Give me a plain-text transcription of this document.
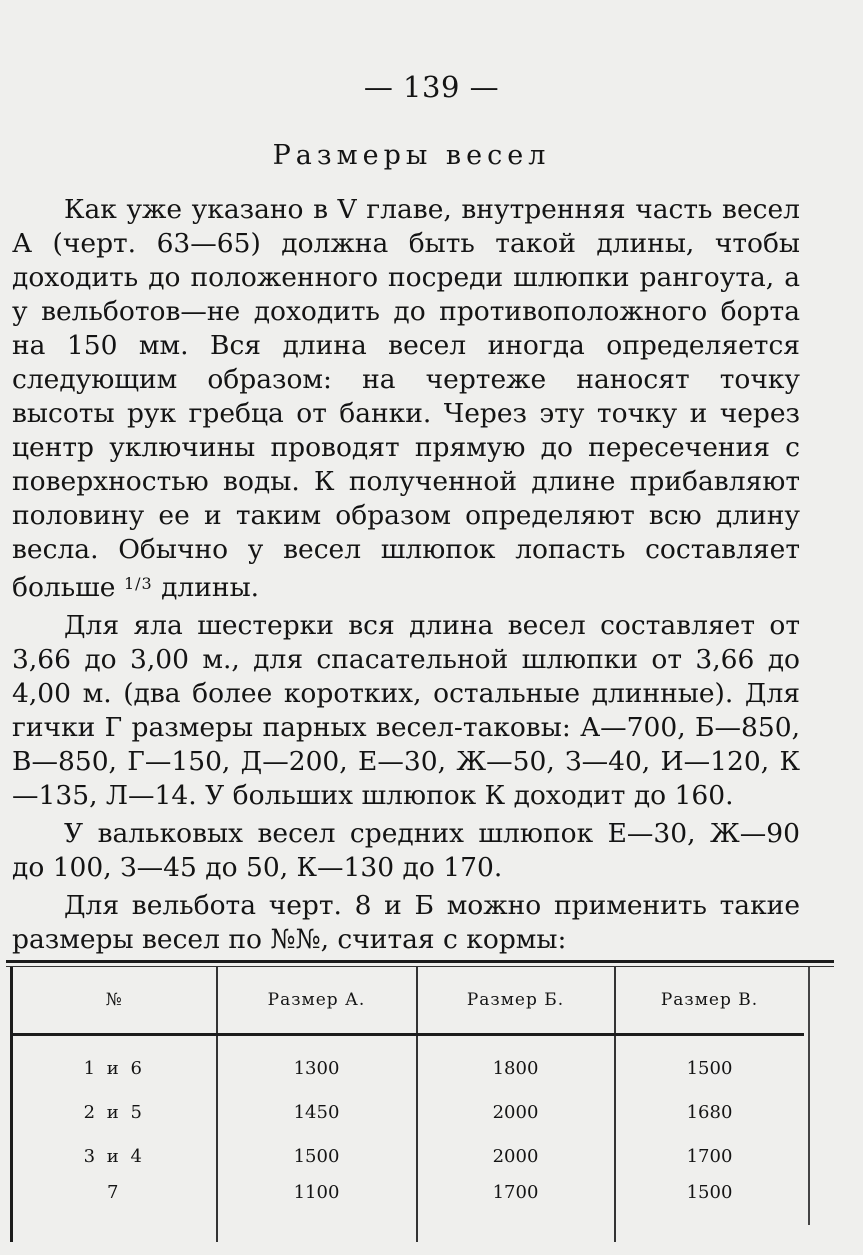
— 139 —
Размеры весел

Как уже указано в V главе, внутренняя часть весел А (черт. 63—65) должна быть такой длины, чтобы доходить до положенного посреди шлюпки рангоута, а у вельботов—не доходить до противоположного борта на 150 мм. Вся длина весел иногда определяется следующим образом: на чертеже наносят точку высоты рук гребца от банки. Через эту точку и через центр уключины проводят прямую до пересечения с поверхностью воды. К полученной длине прибавляют половину ее и таким образом определяют всю длину весла. Обычно у весел шлюпок лопасть составляет больше $^{1/3}$ длины.

Для яла шестерки вся длина весел составляет от 3,66 до 3,00 м., для спасательной шлюпки от 3,66 до 4,00 м. (два более коротких, остальные длинные). Для гички Г размеры парных весел-таковы: А—700, Б—850, В—850, Г—150, Д—200, Е—30, Ж—50, З—40, И—120, К—135, Л—14. У больших шлюпок К доходит до 160.

У вальковых весел средних шлюпок Е—30, Ж—90 до 100, З—45 до 50, К—130 до 170.

Для вельбота черт. 8 и Б можно применить такие размеры весел по №№, считая с кормы:

№	Размер А.	Размер Б.	Размер В.

1 и 6	1300	1800	1500
2 и 5	1450	2000	1680
3 и 4	1500	2000	1700
7	1100	1700	1500
